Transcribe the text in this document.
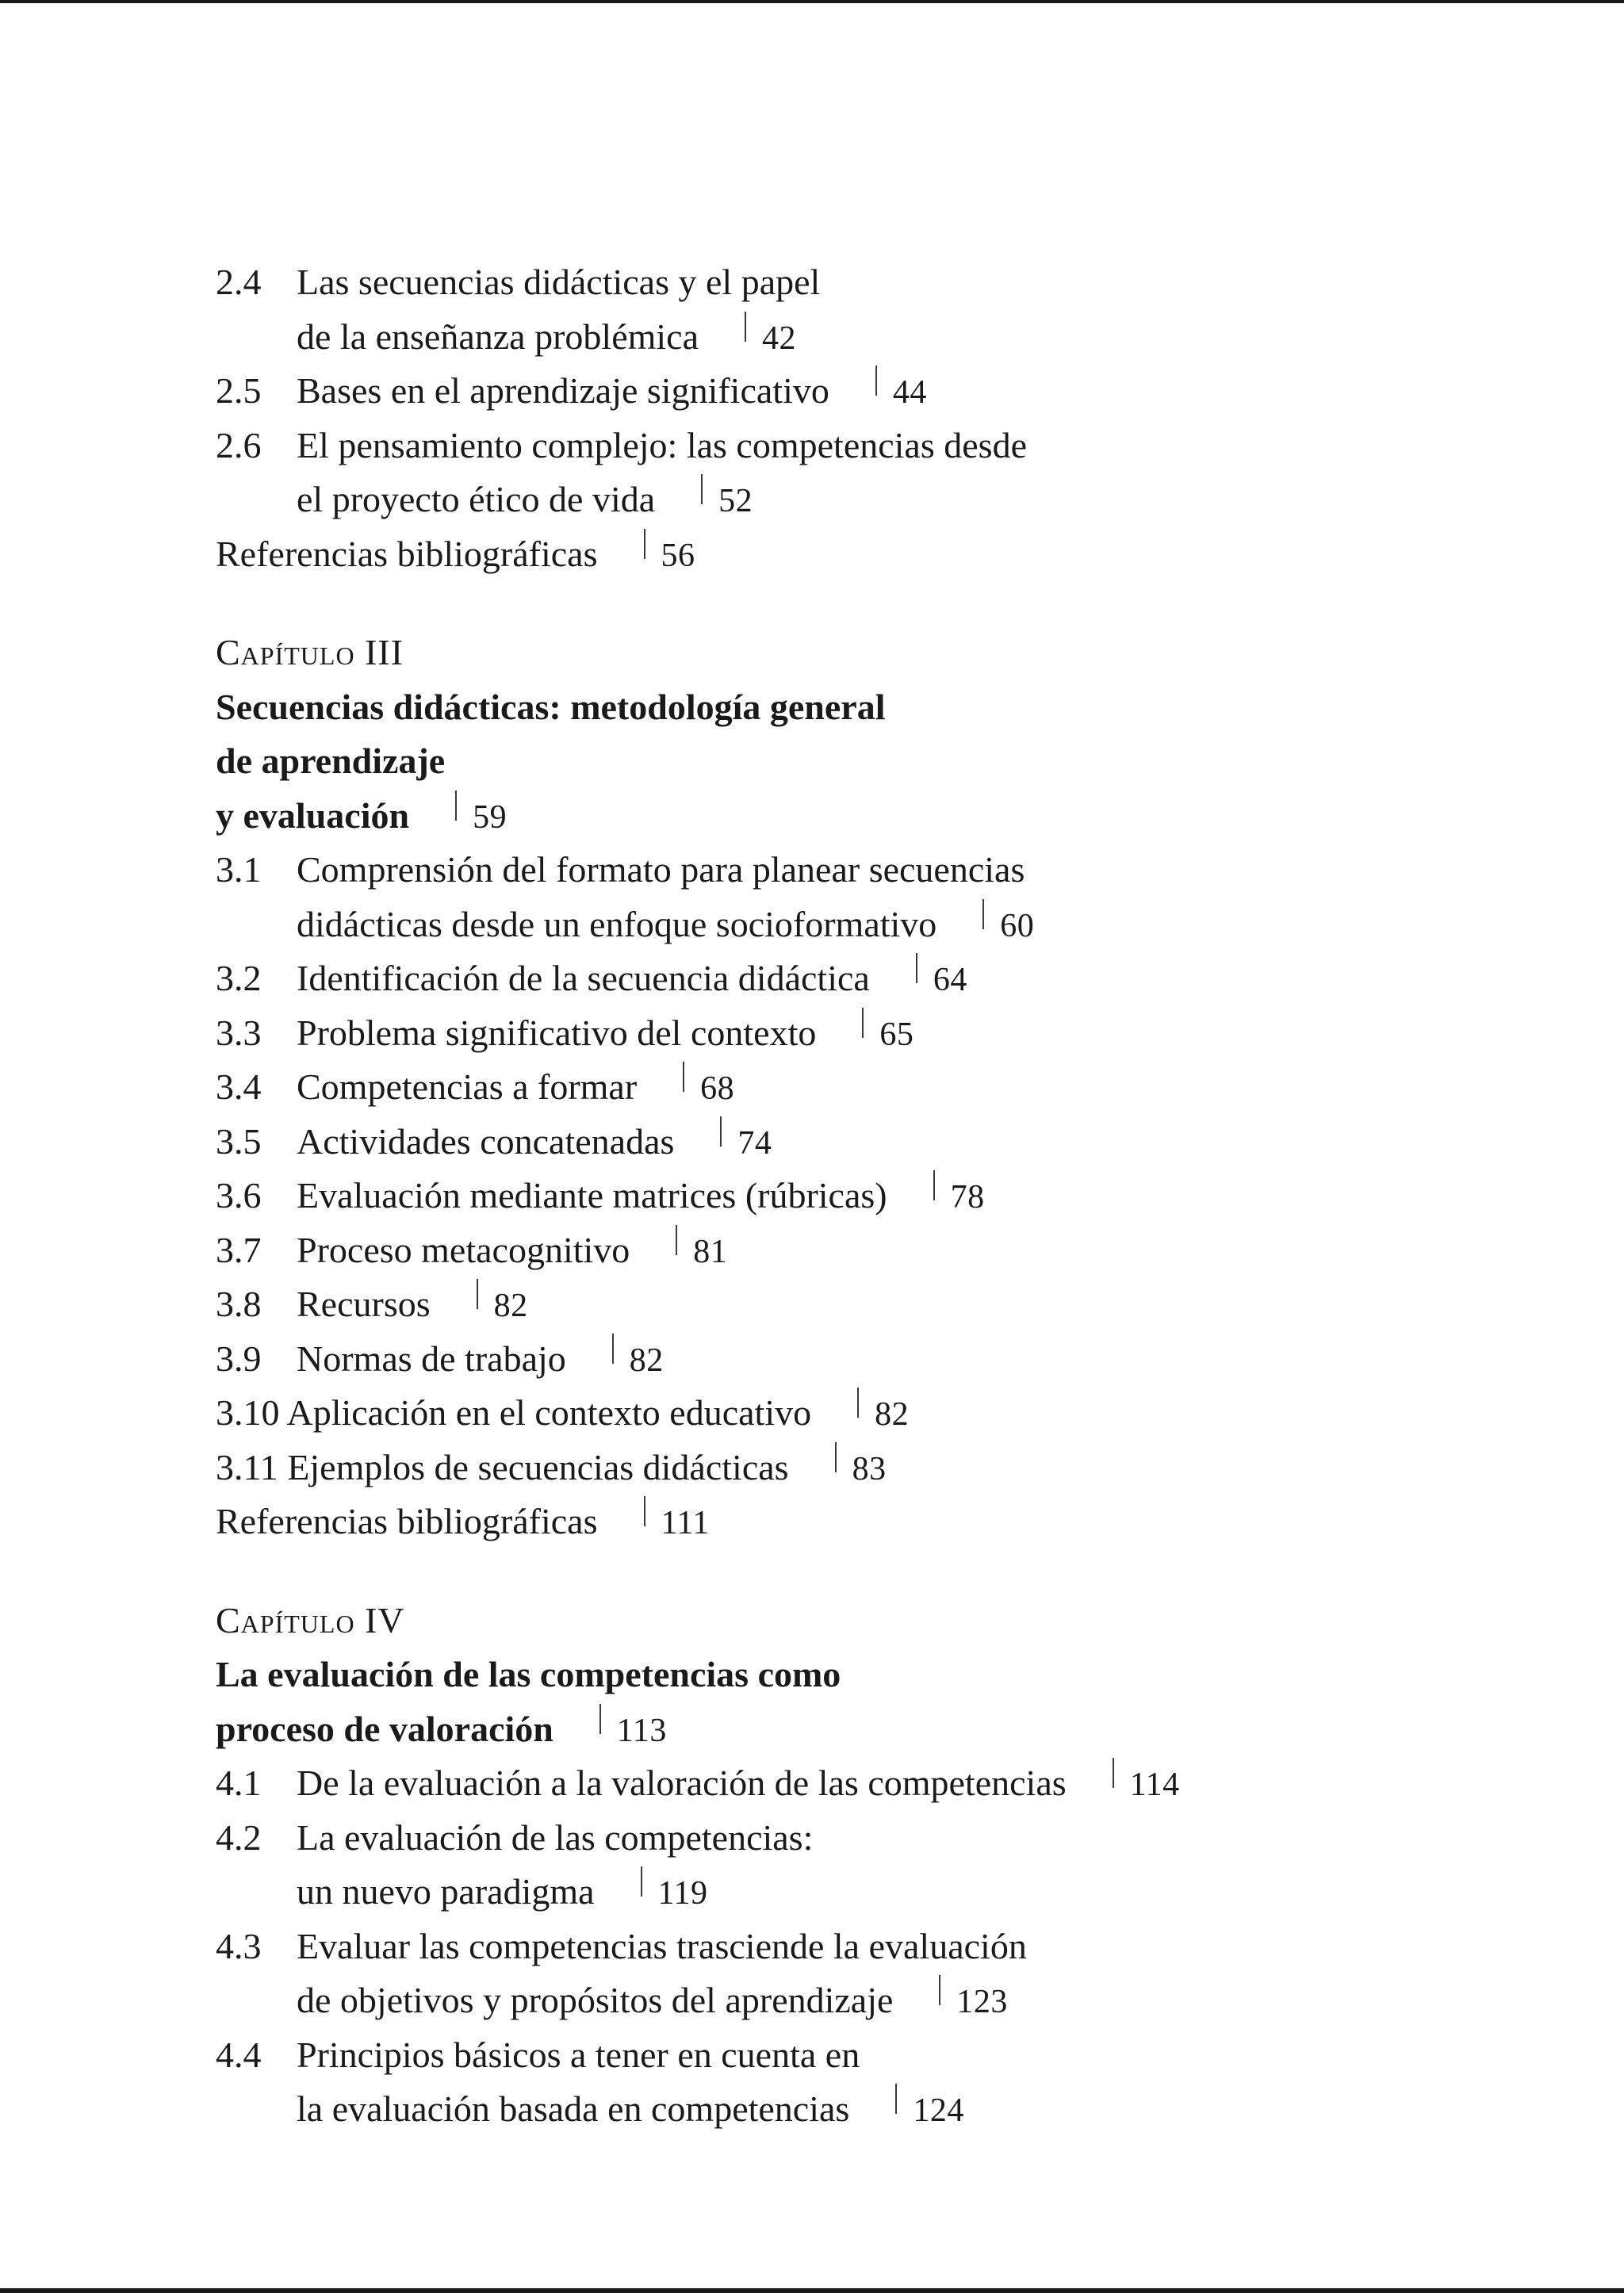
2.4 Las secuencias didácticas y el papel
de la enseñanza problémica 42
2.5 Bases en el aprendizaje significativo 44
2.6 El pensamiento complejo: las competencias desde
el proyecto ético de vida 52
Referencias bibliográficas 56
Capítulo III
Secuencias didácticas: metodología general
de aprendizaje
y evaluación 59
3.1 Comprensión del formato para planear secuencias
didácticas desde un enfoque socioformativo 60
3.2 Identificación de la secuencia didáctica 64
3.3 Problema significativo del contexto 65
3.4 Competencias a formar 68
3.5 Actividades concatenadas 74
3.6 Evaluación mediante matrices (rúbricas) 78
3.7 Proceso metacognitivo 81
3.8 Recursos 82
3.9 Normas de trabajo 82
3.10 Aplicación en el contexto educativo 82
3.11 Ejemplos de secuencias didácticas 83
Referencias bibliográficas 111
Capítulo IV
La evaluación de las competencias como
proceso de valoración 113
4.1 De la evaluación a la valoración de las competencias 114
4.2 La evaluación de las competencias:
un nuevo paradigma 119
4.3 Evaluar las competencias trasciende la evaluación
de objetivos y propósitos del aprendizaje 123
4.4 Principios básicos a tener en cuenta en
la evaluación basada en competencias 124
